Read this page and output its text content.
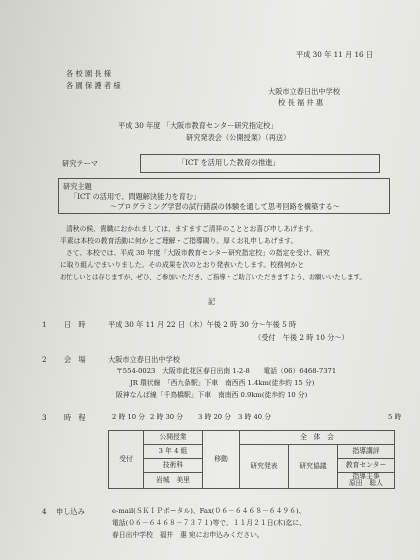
平成 30 年 11 月 16 日
各 校 園 長 様
各 園 保 護 者 様
大阪市立春日出中学校
校 長 福 井 惠
平成 30 年度 「大阪市教育センター研究指定校」
研究発表会（公開授業）（再送）
研究テーマ	「ICT を活用した教育の推進」
研究主題
「ICT の活用で、問題解決能力を育む」
～プログラミング学習の試行錯誤の体験を通して思考回路を構築する～
清秋の候、貴職におかれましては、ますますご清祥のこととお喜び申しあげます。
平素は本校の教育活動に何かとご理解・ご指導賜り、厚くお礼申しあげます。
さて、本校では、平成 30 年度「大阪市教育センター研究指定校」の指定を受け、研究
に取り組んでまいりました。その成果を次のとおり発表いたします。校務何かと
お忙しいとは存じますが、ぜひ、ご参加いただき、ご指導・ご助言いただきますよう、お願いいたします。
記
1 日　時	平成 30 年 11 月 22 日（木）午後 2 時 30 分～午後 5 時
（受付　午後 2 時 10 分～）
2 会　場	大阪市立春日出中学校
〒554-0023　大阪市此花区春日出南 1-2-8　　電話（06）6468-7371
JR 環状線　「西九条駅」下車　南西西 1.4km(徒歩約 15 分)
阪神なんば線「千鳥橋駅」下車　南南西 0.9km(徒歩約 10 分)
3 時　程	2 時 10 分 2 時 30 分 3 時 20 分 3 時 40 分	5 時
受付	公開授業	移動	全　体　会		
	3 年 4 組		研究発表	研究協議	指導講評
	技術科				教育センター
	岩城　美里				指導主事
原田　聡人
4 申し込み	e-mail(ＳＫＩＰポータル)、Fax(０６－６４６８－６４９６)、
電話(０６－６４６８－７３７１)等で、１１月２１日(木)迄に、
春日出中学校　福井　惠 宛にお申込みください。
